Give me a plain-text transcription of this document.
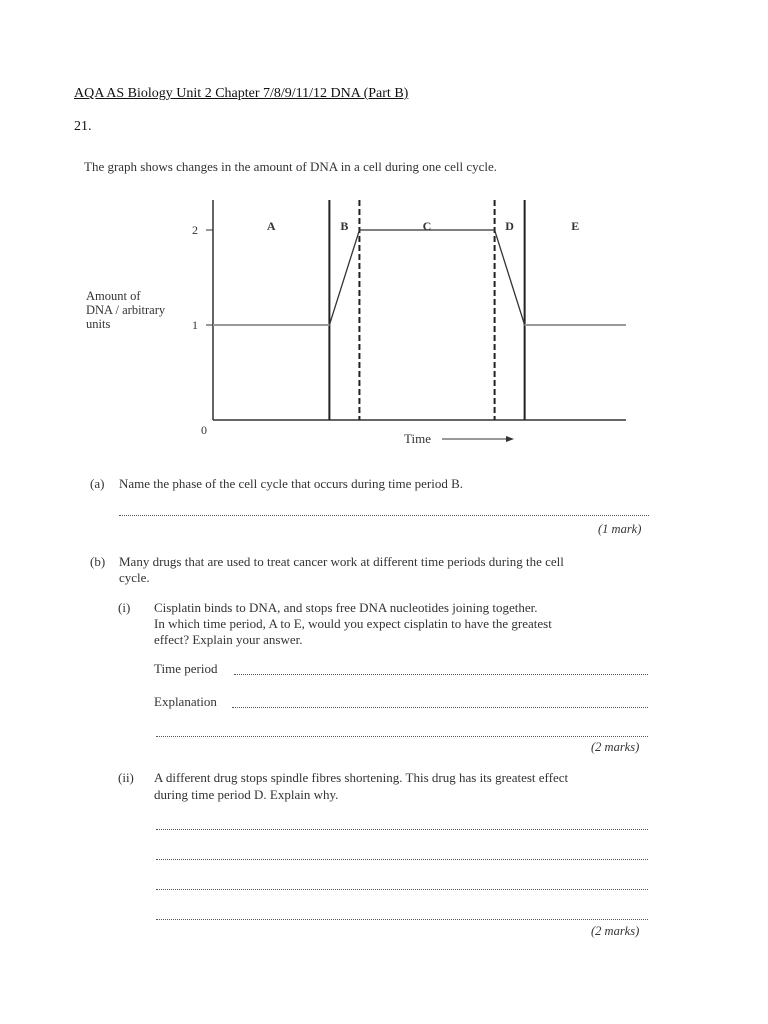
AQA AS Biology Unit 2 Chapter 7/8/9/11/12 DNA (Part B)
21.
The graph shows changes in the amount of DNA in a cell during one cell cycle.
0
1
2	A	B	C	D	E
Amount of
DNA / arbitrary
units
Time
(a) Name the phase of the cell cycle that occurs during time period B.
(1 mark)
(b) Many drugs that are used to treat cancer work at different time periods during the cell
cycle.
(i) Cisplatin binds to DNA, and stops free DNA nucleotides joining together.
In which time period, A to E, would you expect cisplatin to have the greatest
effect? Explain your answer.
Time period
Explanation
(2 marks)
(ii) A different drug stops spindle fibres shortening. This drug has its greatest effect
during time period D. Explain why.
(2 marks)
